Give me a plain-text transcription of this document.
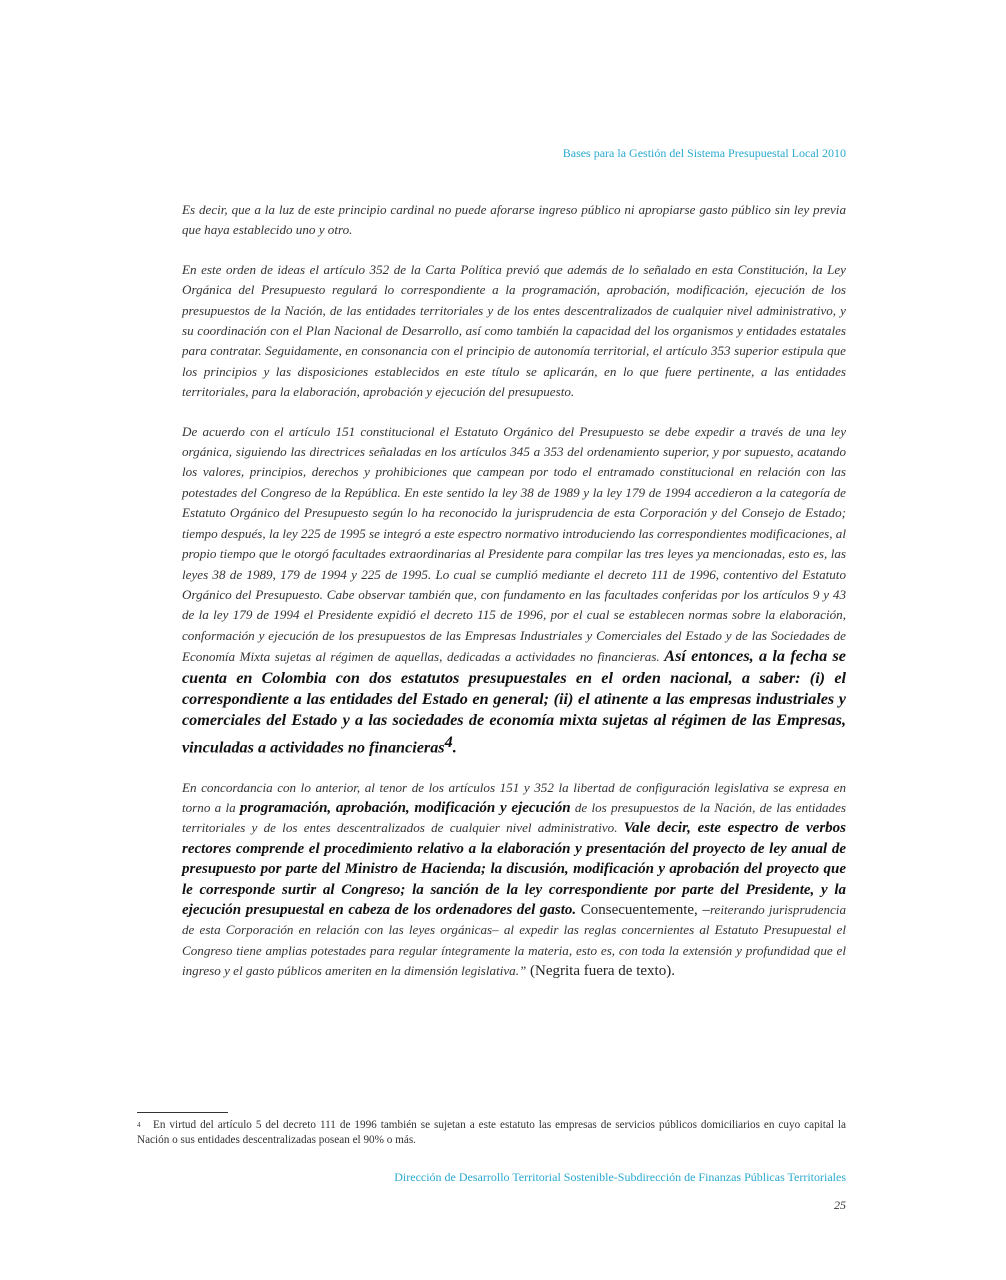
Bases para la Gestión del Sistema Presupuestal Local 2010

Es decir, que a la luz de este principio cardinal no puede aforarse ingreso público ni apropiarse gasto público sin ley previa que haya establecido uno y otro.

En este orden de ideas el artículo 352 de la Carta Política previó que además de lo señalado en esta Constitución, la Ley Orgánica del Presupuesto regulará lo correspondiente a la programación, aprobación, modificación, ejecución de los presupuestos de la Nación, de las entidades territoriales y de los entes descentralizados de cualquier nivel administrativo, y su coordinación con el Plan Nacional de Desarrollo, así como también la capacidad del los organismos y entidades estatales para contratar. Seguidamente, en consonancia con el principio de autonomía territorial, el artículo 353 superior estipula que los principios y las disposiciones establecidos en este título se aplicarán, en lo que fuere pertinente, a las entidades territoriales, para la elaboración, aprobación y ejecución del presupuesto.

De acuerdo con el artículo 151 constitucional el Estatuto Orgánico del Presupuesto se debe expedir a través de una ley orgánica, siguiendo las directrices señaladas en los artículos 345 a 353 del ordenamiento superior, y por supuesto, acatando los valores, principios, derechos y prohibiciones que campean por todo el entramado constitucional en relación con las potestades del Congreso de la República. En este sentido la ley 38 de 1989 y la ley 179 de 1994 accedieron a la categoría de Estatuto Orgánico del Presupuesto según lo ha reconocido la jurisprudencia de esta Corporación y del Consejo de Estado; tiempo después, la ley 225 de 1995 se integró a este espectro normativo introduciendo las correspondientes modificaciones, al propio tiempo que le otorgó facultades extraordinarias al Presidente para compilar las tres leyes ya mencionadas, esto es, las leyes 38 de 1989, 179 de 1994 y 225 de 1995. Lo cual se cumplió mediante el decreto 111 de 1996, contentivo del Estatuto Orgánico del Presupuesto. Cabe observar también que, con fundamento en las facultades conferidas por los artículos 9 y 43 de la ley 179 de 1994 el Presidente expidió el decreto 115 de 1996, por el cual se establecen normas sobre la elaboración, conformación y ejecución de los presupuestos de las Empresas Industriales y Comerciales del Estado y de las Sociedades de Economía Mixta sujetas al régimen de aquellas, dedicadas a actividades no financieras. Así entonces, a la fecha se cuenta en Colombia con dos estatutos presupuestales en el orden nacional, a saber: (i) el correspondiente a las entidades del Estado en general; (ii) el atinente a las empresas industriales y comerciales del Estado y a las sociedades de economía mixta sujetas al régimen de las Empresas, vinculadas a actividades no financieras$^4$.

En concordancia con lo anterior, al tenor de los artículos 151 y 352 la libertad de configuración legislativa se expresa en torno a la programación, aprobación, modificación y ejecución de los presupuestos de la Nación, de las entidades territoriales y de los entes descentralizados de cualquier nivel administrativo. Vale decir, este espectro de verbos rectores comprende el procedimiento relativo a la elaboración y presentación del proyecto de ley anual de presupuesto por parte del Ministro de Hacienda; la discusión, modificación y aprobación del proyecto que le corresponde surtir al Congreso; la sanción de la ley correspondiente por parte del Presidente, y la ejecución presupuestal en cabeza de los ordenadores del gasto. Consecuentemente, –reiterando jurisprudencia de esta Corporación en relación con las leyes orgánicas– al expedir las reglas concernientes al Estatuto Presupuestal el Congreso tiene amplias potestades para regular íntegramente la materia, esto es, con toda la extensión y profundidad que el ingreso y el gasto públicos ameriten en la dimensión legislativa.” (Negrita fuera de texto).

4 En virtud del artículo 5 del decreto 111 de 1996 también se sujetan a este estatuto las empresas de servicios públicos domiciliarios en cuyo capital la Nación o sus entidades descentralizadas posean el 90% o más.
Dirección de Desarrollo Territorial Sostenible-Subdirección de Finanzas Públicas Territoriales
25
